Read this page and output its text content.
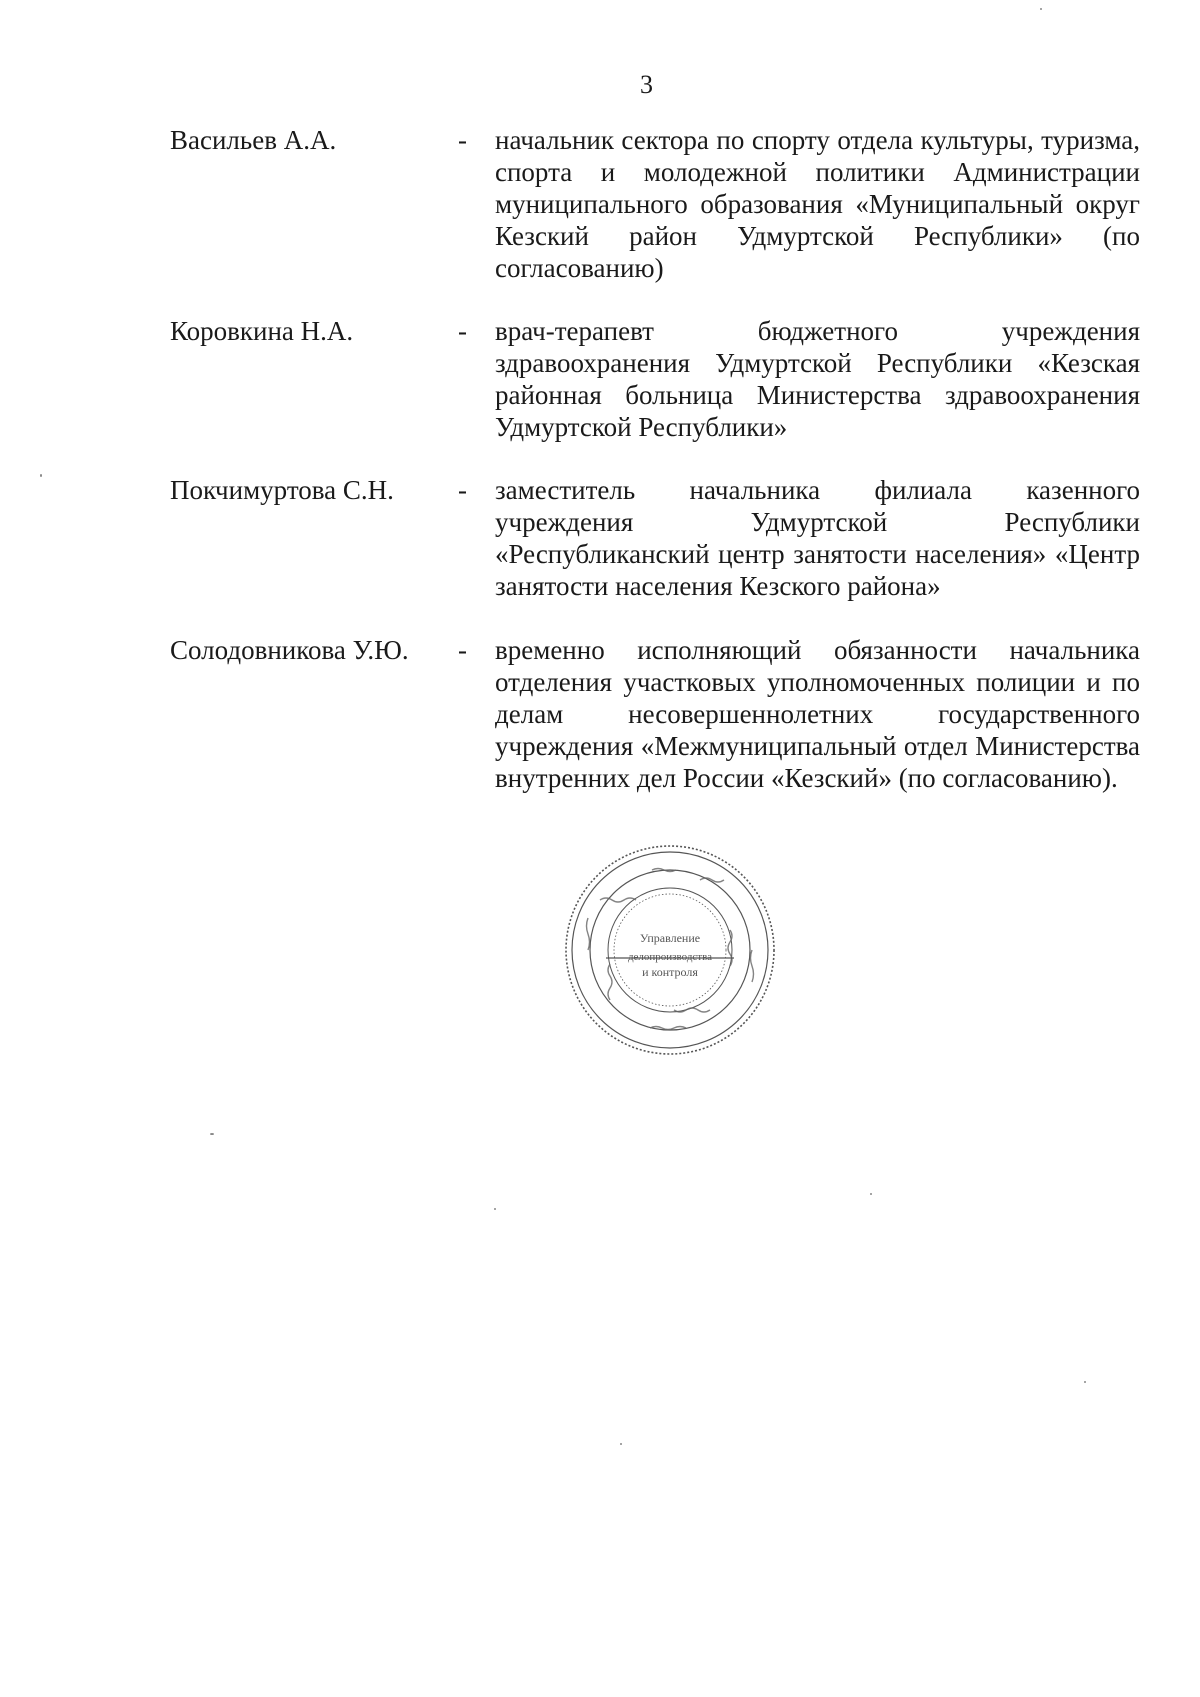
3
Васильев А.А.	- начальник сектора по спорту отдела культуры, туризма, спорта и молодежной политики Администрации муниципального образования «Муниципальный округ Кезский район Удмуртской Республики» (по согласованию)
Коровкина Н.А.	- врач-терапевт бюджетного учреждения здравоохранения Удмуртской Республики «Кезская районная больница Министерства здравоохранения Удмуртской Республики»
Покчимуртова С.Н. - заместитель начальника филиала казенного учреждения Удмуртской Республики «Республиканский центр занятости населения» «Центр занятости населения Кезского района»
Солодовникова У.Ю. - временно исполняющий обязанности начальника отделения участковых уполномоченных полиции и по делам несовершеннолетних государственного учреждения «Межмуниципальный отдел Министерства внутренних дел России «Кезский» (по согласованию).
Управление
делопроизводства
и контроля
